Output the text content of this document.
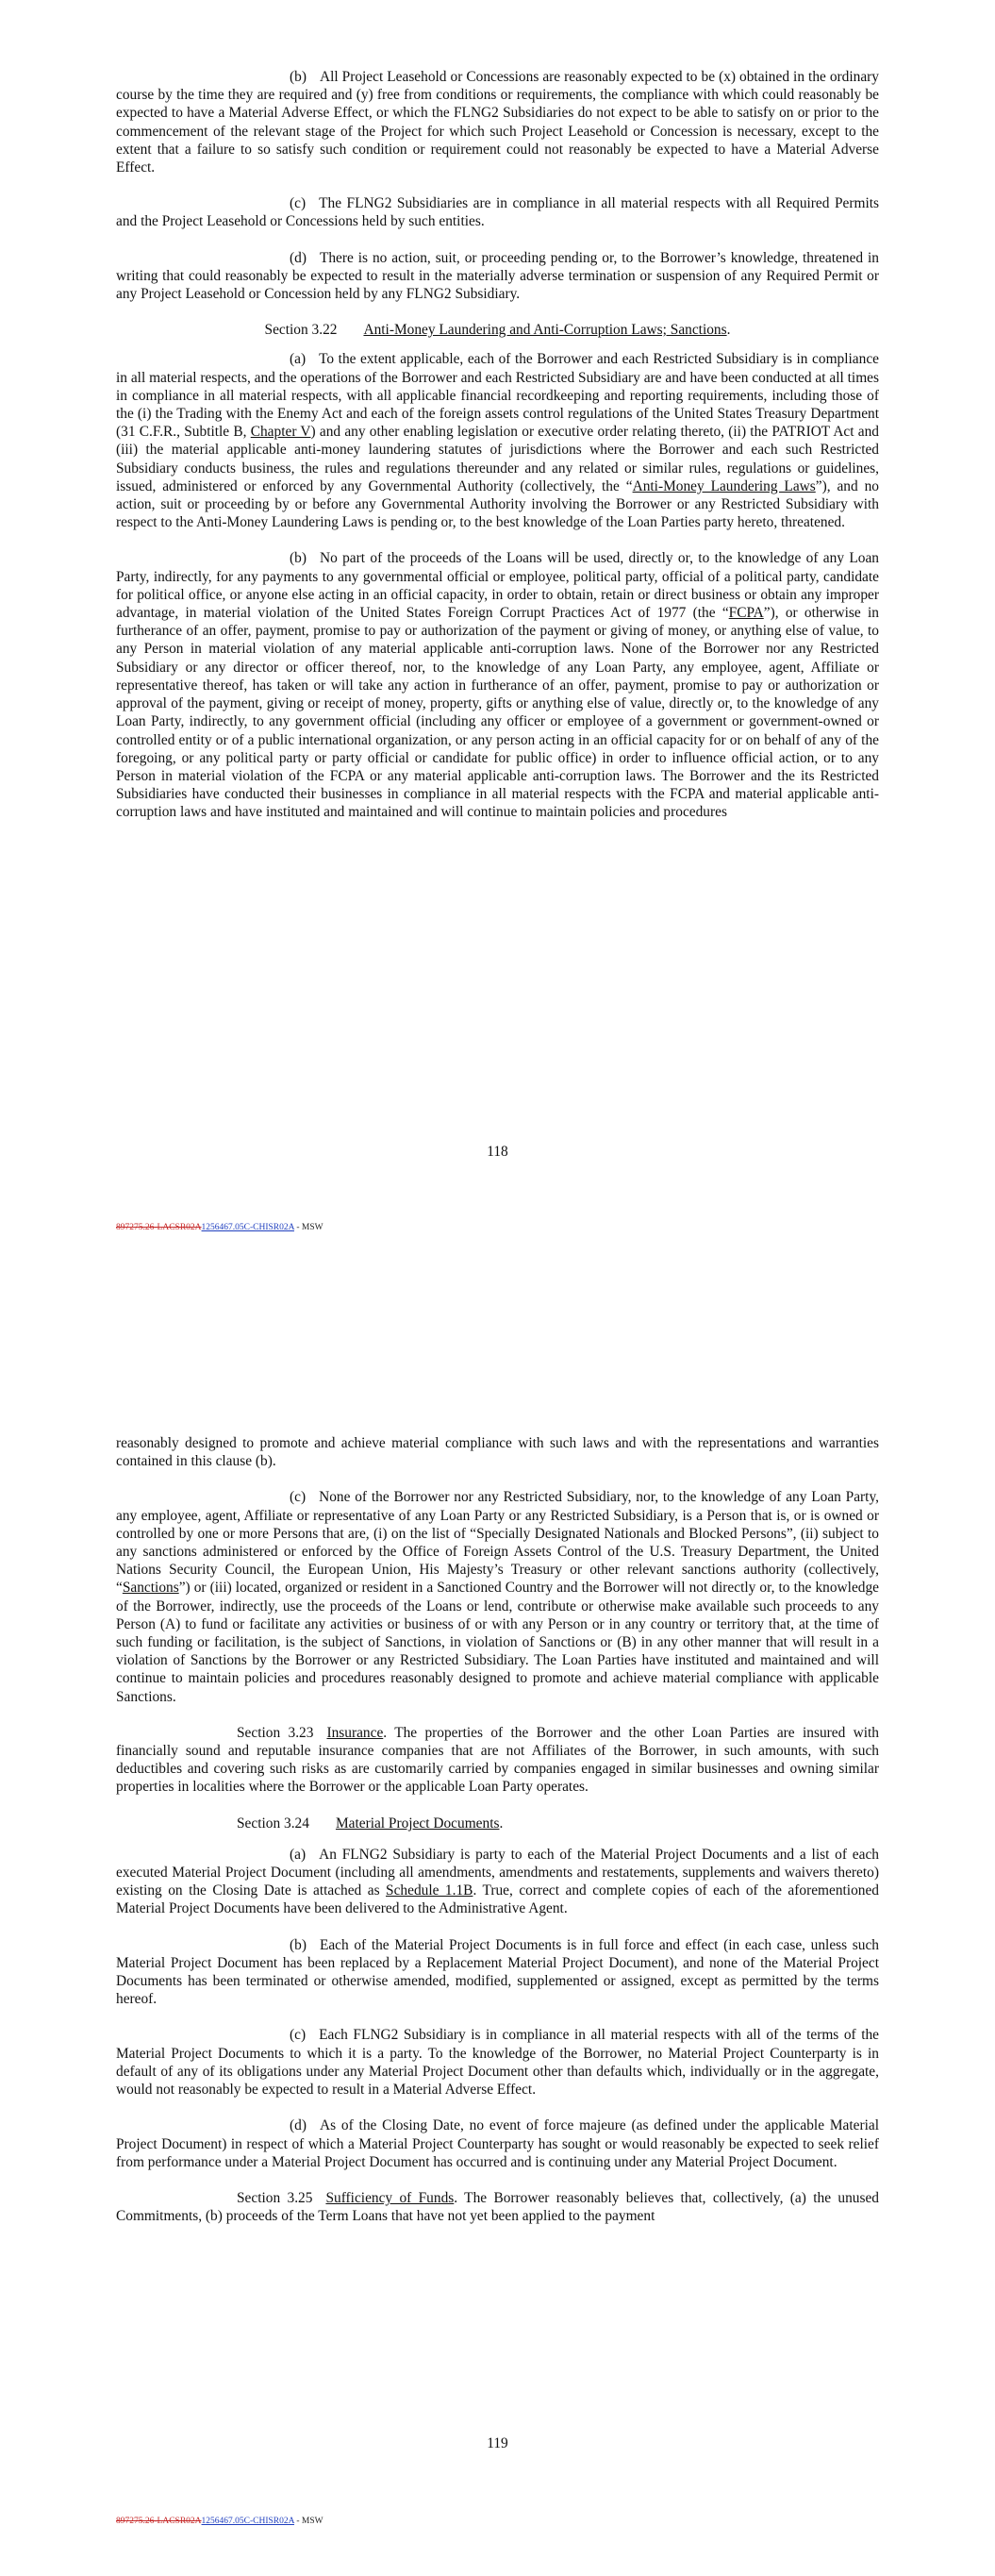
(b) All Project Leasehold or Concessions are reasonably expected to be (x) obtained in the ordinary course by the time they are required and (y) free from conditions or requirements, the compliance with which could reasonably be expected to have a Material Adverse Effect, or which the FLNG2 Subsidiaries do not expect to be able to satisfy on or prior to the commencement of the relevant stage of the Project for which such Project Leasehold or Concession is necessary, except to the extent that a failure to so satisfy such condition or requirement could not reasonably be expected to have a Material Adverse Effect.

(c) The FLNG2 Subsidiaries are in compliance in all material respects with all Required Permits and the Project Leasehold or Concessions held by such entities.

(d) There is no action, suit, or proceeding pending or, to the Borrower’s knowledge, threatened in writing that could reasonably be expected to result in the materially adverse termination or suspension of any Required Permit or any Project Leasehold or Concession held by any FLNG2 Subsidiary.

Section 3.22 Anti-Money Laundering and Anti-Corruption Laws; Sanctions.

(a) To the extent applicable, each of the Borrower and each Restricted Subsidiary is in compliance in all material respects, and the operations of the Borrower and each Restricted Subsidiary are and have been conducted at all times in compliance in all material respects, with all applicable financial recordkeeping and reporting requirements, including those of the (i) the Trading with the Enemy Act and each of the foreign assets control regulations of the United States Treasury Department (31 C.F.R., Subtitle B, Chapter V) and any other enabling legislation or executive order relating thereto, (ii) the PATRIOT Act and (iii) the material applicable anti-money laundering statutes of jurisdictions where the Borrower and each such Restricted Subsidiary conducts business, the rules and regulations thereunder and any related or similar rules, regulations or guidelines, issued, administered or enforced by any Governmental Authority (collectively, the “Anti-Money Laundering Laws”), and no action, suit or proceeding by or before any Governmental Authority involving the Borrower or any Restricted Subsidiary with respect to the Anti-Money Laundering Laws is pending or, to the best knowledge of the Loan Parties party hereto, threatened.

(b) No part of the proceeds of the Loans will be used, directly or, to the knowledge of any Loan Party, indirectly, for any payments to any governmental official or employee, political party, official of a political party, candidate for political office, or anyone else acting in an official capacity, in order to obtain, retain or direct business or obtain any improper advantage, in material violation of the United States Foreign Corrupt Practices Act of 1977 (the “FCPA”), or otherwise in furtherance of an offer, payment, promise to pay or authorization of the payment or giving of money, or anything else of value, to any Person in material violation of any material applicable anti-corruption laws. None of the Borrower nor any Restricted Subsidiary or any director or officer thereof, nor, to the knowledge of any Loan Party, any employee, agent, Affiliate or representative thereof, has taken or will take any action in furtherance of an offer, payment, promise to pay or authorization or approval of the payment, giving or receipt of money, property, gifts or anything else of value, directly or, to the knowledge of any Loan Party, indirectly, to any government official (including any officer or employee of a government or government-owned or controlled entity or of a public international organization, or any person acting in an official capacity for or on behalf of any of the foregoing, or any political party or party official or candidate for public office) in order to influence official action, or to any Person in material violation of the FCPA or any material applicable anti-corruption laws. The Borrower and the its Restricted Subsidiaries have conducted their businesses in compliance in all material respects with the FCPA and material applicable anti-corruption laws and have instituted and maintained and will continue to maintain policies and procedures

118
897275.26-LACSR02A1256467.05C-CHISR02A - MSW

reasonably designed to promote and achieve material compliance with such laws and with the representations and warranties contained in this clause (b).

(c) None of the Borrower nor any Restricted Subsidiary, nor, to the knowledge of any Loan Party, any employee, agent, Affiliate or representative of any Loan Party or any Restricted Subsidiary, is a Person that is, or is owned or controlled by one or more Persons that are, (i) on the list of “Specially Designated Nationals and Blocked Persons”, (ii) subject to any sanctions administered or enforced by the Office of Foreign Assets Control of the U.S. Treasury Department, the United Nations Security Council, the European Union, His Majesty’s Treasury or other relevant sanctions authority (collectively, “Sanctions”) or (iii) located, organized or resident in a Sanctioned Country and the Borrower will not directly or, to the knowledge of the Borrower, indirectly, use the proceeds of the Loans or lend, contribute or otherwise make available such proceeds to any Person (A) to fund or facilitate any activities or business of or with any Person or in any country or territory that, at the time of such funding or facilitation, is the subject of Sanctions, in violation of Sanctions or (B) in any other manner that will result in a violation of Sanctions by the Borrower or any Restricted Subsidiary. The Loan Parties have instituted and maintained and will continue to maintain policies and procedures reasonably designed to promote and achieve material compliance with applicable Sanctions.

Section 3.23 Insurance. The properties of the Borrower and the other Loan Parties are insured with financially sound and reputable insurance companies that are not Affiliates of the Borrower, in such amounts, with such deductibles and covering such risks as are customarily carried by companies engaged in similar businesses and owning similar properties in localities where the Borrower or the applicable Loan Party operates.

Section 3.24 Material Project Documents.

(a) An FLNG2 Subsidiary is party to each of the Material Project Documents and a list of each executed Material Project Document (including all amendments, amendments and restatements, supplements and waivers thereto) existing on the Closing Date is attached as Schedule 1.1B. True, correct and complete copies of each of the aforementioned Material Project Documents have been delivered to the Administrative Agent.

(b) Each of the Material Project Documents is in full force and effect (in each case, unless such Material Project Document has been replaced by a Replacement Material Project Document), and none of the Material Project Documents has been terminated or otherwise amended, modified, supplemented or assigned, except as permitted by the terms hereof.

(c) Each FLNG2 Subsidiary is in compliance in all material respects with all of the terms of the Material Project Documents to which it is a party. To the knowledge of the Borrower, no Material Project Counterparty is in default of any of its obligations under any Material Project Document other than defaults which, individually or in the aggregate, would not reasonably be expected to result in a Material Adverse Effect.

(d) As of the Closing Date, no event of force majeure (as defined under the applicable Material Project Document) in respect of which a Material Project Counterparty has sought or would reasonably be expected to seek relief from performance under a Material Project Document has occurred and is continuing under any Material Project Document.

Section 3.25 Sufficiency of Funds. The Borrower reasonably believes that, collectively, (a) the unused Commitments, (b) proceeds of the Term Loans that have not yet been applied to the payment

119
897275.26-LACSR02A1256467.05C-CHISR02A - MSW
